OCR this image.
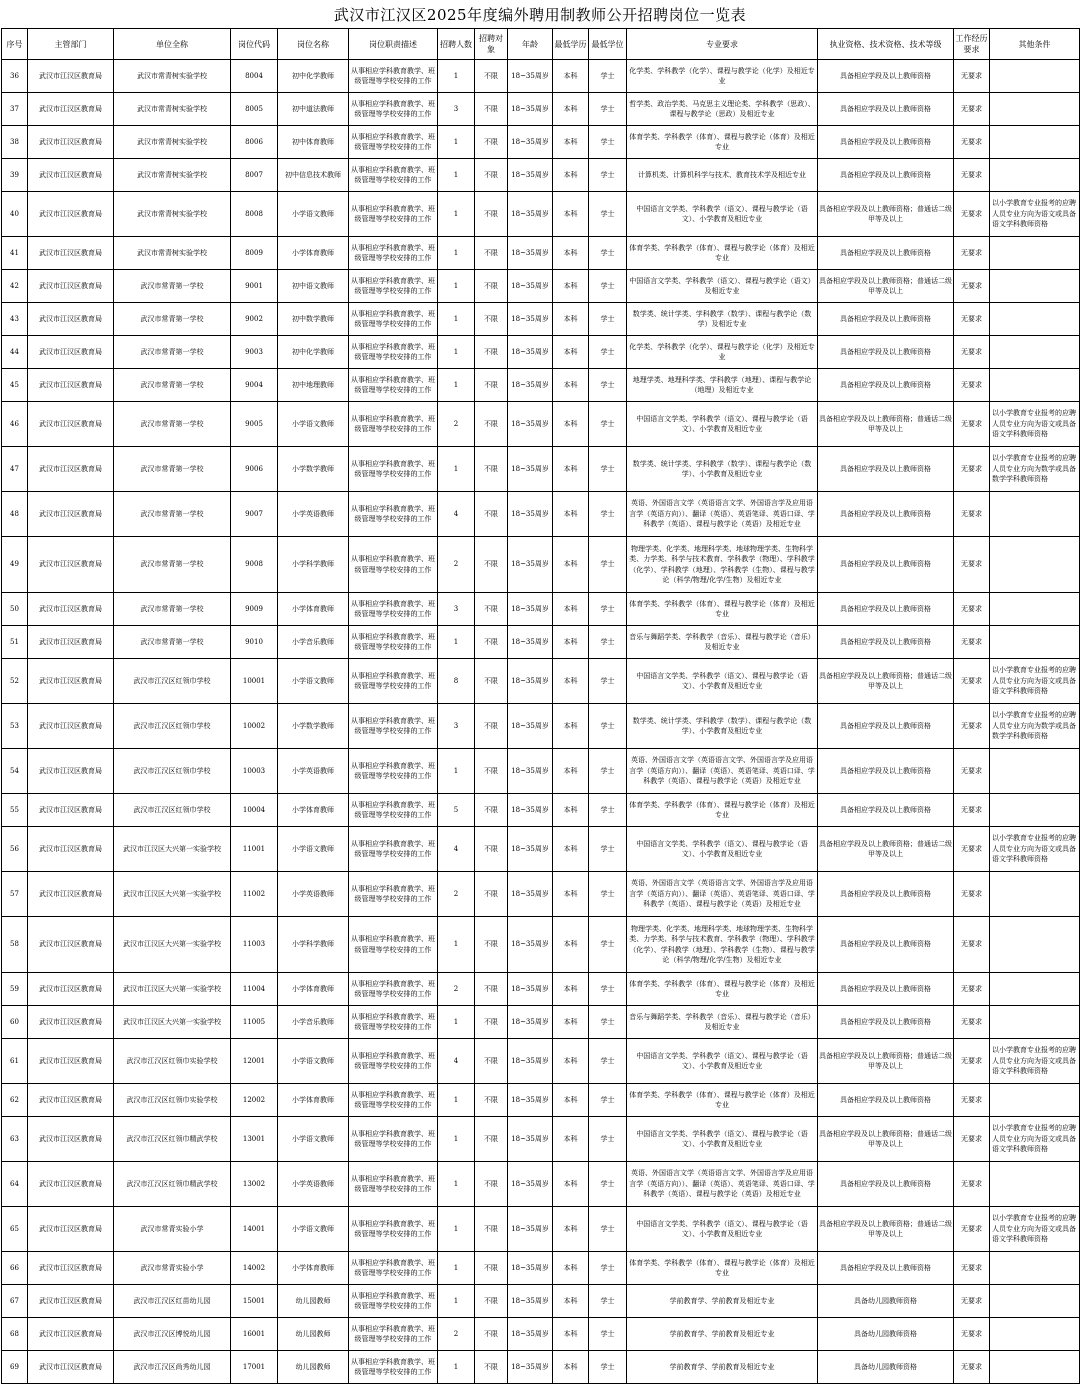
武汉市江汉区2025年度编外聘用制教师公开招聘岗位一览表
序号	主管部门	单位全称	岗位代码	岗位名称	岗位职责描述	招聘人数	招聘对象	年龄	最低学历	最低学位	专业要求	执业资格、技术资格、技术等级	工作经历要求	其他条件
36	武汉市江汉区教育局	武汉市常青树实验学校	8004	初中化学教师	从事相应学科教育教学、班级管理等学校安排的工作	1	不限	18~35周岁	本科	学士	化学类、学科教学（化学）、课程与教学论（化学）及相近专业	具备相应学段及以上教师资格	无要求	
37	武汉市江汉区教育局	武汉市常青树实验学校	8005	初中道法教师	从事相应学科教育教学、班级管理等学校安排的工作	3	不限	18~35周岁	本科	学士	哲学类、政治学类、马克思主义理论类、学科教学（思政）、课程与教学论（思政）及相近专业	具备相应学段及以上教师资格	无要求	
38	武汉市江汉区教育局	武汉市常青树实验学校	8006	初中体育教师	从事相应学科教育教学、班级管理等学校安排的工作	1	不限	18~35周岁	本科	学士	体育学类、学科教学（体育）、课程与教学论（体育）及相近专业	具备相应学段及以上教师资格	无要求	
39	武汉市江汉区教育局	武汉市常青树实验学校	8007	初中信息技术教师	从事相应学科教育教学、班级管理等学校安排的工作	1	不限	18~35周岁	本科	学士	计算机类、计算机科学与技术、教育技术学及相近专业	具备相应学段及以上教师资格	无要求	
40	武汉市江汉区教育局	武汉市常青树实验学校	8008	小学语文教师	从事相应学科教育教学、班级管理等学校安排的工作	1	不限	18~35周岁	本科	学士	中国语言文学类、学科教学（语文）、课程与教学论（语文）、小学教育及相近专业	具备相应学段及以上教师资格；普通话二级甲等及以上	无要求	以小学教育专业报考的应聘人员专业方向为语文或具备语文学科教师资格
41	武汉市江汉区教育局	武汉市常青树实验学校	8009	小学体育教师	从事相应学科教育教学、班级管理等学校安排的工作	1	不限	18~35周岁	本科	学士	体育学类、学科教学（体育）、课程与教学论（体育）及相近专业	具备相应学段及以上教师资格	无要求	
42	武汉市江汉区教育局	武汉市常青第一学校	9001	初中语文教师	从事相应学科教育教学、班级管理等学校安排的工作	1	不限	18~35周岁	本科	学士	中国语言文学类、学科教学（语文）、课程与教学论（语文）及相近专业	具备相应学段及以上教师资格；普通话二级甲等及以上	无要求	
43	武汉市江汉区教育局	武汉市常青第一学校	9002	初中数学教师	从事相应学科教育教学、班级管理等学校安排的工作	1	不限	18~35周岁	本科	学士	数学类、统计学类、学科教学（数学）、课程与教学论（数学）及相近专业	具备相应学段及以上教师资格	无要求	
44	武汉市江汉区教育局	武汉市常青第一学校	9003	初中化学教师	从事相应学科教育教学、班级管理等学校安排的工作	1	不限	18~35周岁	本科	学士	化学类、学科教学（化学）、课程与教学论（化学）及相近专业	具备相应学段及以上教师资格	无要求	
45	武汉市江汉区教育局	武汉市常青第一学校	9004	初中地理教师	从事相应学科教育教学、班级管理等学校安排的工作	1	不限	18~35周岁	本科	学士	地理学类、地理科学类、学科教学（地理）、课程与教学论（地理）及相近专业	具备相应学段及以上教师资格	无要求	
46	武汉市江汉区教育局	武汉市常青第一学校	9005	小学语文教师	从事相应学科教育教学、班级管理等学校安排的工作	2	不限	18~35周岁	本科	学士	中国语言文学类、学科教学（语文）、课程与教学论（语文）、小学教育及相近专业	具备相应学段及以上教师资格；普通话二级甲等及以上	无要求	以小学教育专业报考的应聘人员专业方向为语文或具备语文学科教师资格
47	武汉市江汉区教育局	武汉市常青第一学校	9006	小学数学教师	从事相应学科教育教学、班级管理等学校安排的工作	1	不限	18~35周岁	本科	学士	数学类、统计学类、学科教学（数学）、课程与教学论（数学）、小学教育及相近专业	具备相应学段及以上教师资格	无要求	以小学教育专业报考的应聘人员专业方向为数学或具备数学学科教师资格
48	武汉市江汉区教育局	武汉市常青第一学校	9007	小学英语教师	从事相应学科教育教学、班级管理等学校安排的工作	4	不限	18~35周岁	本科	学士	英语、外国语言文学（英语语言文学、外国语言学及应用语言学（英语方向））、翻译（英语）、英语笔译、英语口译、学科教学（英语）、课程与教学论（英语）及相近专业	具备相应学段及以上教师资格	无要求	
49	武汉市江汉区教育局	武汉市常青第一学校	9008	小学科学教师	从事相应学科教育教学、班级管理等学校安排的工作	2	不限	18~35周岁	本科	学士	物理学类、化学类、地理科学类、地球物理学类、生物科学类、力学类、科学与技术教育、学科教学（物理）、学科教学（化学）、学科教学（地理）、学科教学（生物）、课程与教学论（科学/物理/化学/生物）及相近专业	具备相应学段及以上教师资格	无要求	
50	武汉市江汉区教育局	武汉市常青第一学校	9009	小学体育教师	从事相应学科教育教学、班级管理等学校安排的工作	3	不限	18~35周岁	本科	学士	体育学类、学科教学（体育）、课程与教学论（体育）及相近专业	具备相应学段及以上教师资格	无要求	
51	武汉市江汉区教育局	武汉市常青第一学校	9010	小学音乐教师	从事相应学科教育教学、班级管理等学校安排的工作	1	不限	18~35周岁	本科	学士	音乐与舞蹈学类、学科教学（音乐）、课程与教学论（音乐）及相近专业	具备相应学段及以上教师资格	无要求	
52	武汉市江汉区教育局	武汉市江汉区红领巾学校	10001	小学语文教师	从事相应学科教育教学、班级管理等学校安排的工作	8	不限	18~35周岁	本科	学士	中国语言文学类、学科教学（语文）、课程与教学论（语文）、小学教育及相近专业	具备相应学段及以上教师资格；普通话二级甲等及以上	无要求	以小学教育专业报考的应聘人员专业方向为语文或具备语文学科教师资格
53	武汉市江汉区教育局	武汉市江汉区红领巾学校	10002	小学数学教师	从事相应学科教育教学、班级管理等学校安排的工作	3	不限	18~35周岁	本科	学士	数学类、统计学类、学科教学（数学）、课程与教学论（数学）、小学教育及相近专业	具备相应学段及以上教师资格	无要求	以小学教育专业报考的应聘人员专业方向为数学或具备数学学科教师资格
54	武汉市江汉区教育局	武汉市江汉区红领巾学校	10003	小学英语教师	从事相应学科教育教学、班级管理等学校安排的工作	1	不限	18~35周岁	本科	学士	英语、外国语言文学（英语语言文学、外国语言学及应用语言学（英语方向））、翻译（英语）、英语笔译、英语口译、学科教学（英语）、课程与教学论（英语）及相近专业	具备相应学段及以上教师资格	无要求	
55	武汉市江汉区教育局	武汉市江汉区红领巾学校	10004	小学体育教师	从事相应学科教育教学、班级管理等学校安排的工作	5	不限	18~35周岁	本科	学士	体育学类、学科教学（体育）、课程与教学论（体育）及相近专业	具备相应学段及以上教师资格	无要求	
56	武汉市江汉区教育局	武汉市江汉区大兴第一实验学校	11001	小学语文教师	从事相应学科教育教学、班级管理等学校安排的工作	4	不限	18~35周岁	本科	学士	中国语言文学类、学科教学（语文）、课程与教学论（语文）、小学教育及相近专业	具备相应学段及以上教师资格；普通话二级甲等及以上	无要求	以小学教育专业报考的应聘人员专业方向为语文或具备语文学科教师资格
57	武汉市江汉区教育局	武汉市江汉区大兴第一实验学校	11002	小学英语教师	从事相应学科教育教学、班级管理等学校安排的工作	2	不限	18~35周岁	本科	学士	英语、外国语言文学（英语语言文学、外国语言学及应用语言学（英语方向））、翻译（英语）、英语笔译、英语口译、学科教学（英语）、课程与教学论（英语）及相近专业	具备相应学段及以上教师资格	无要求	
58	武汉市江汉区教育局	武汉市江汉区大兴第一实验学校	11003	小学科学教师	从事相应学科教育教学、班级管理等学校安排的工作	1	不限	18~35周岁	本科	学士	物理学类、化学类、地理科学类、地球物理学类、生物科学类、力学类、科学与技术教育、学科教学（物理）、学科教学（化学）、学科教学（地理）、学科教学（生物）、课程与教学论（科学/物理/化学/生物）及相近专业	具备相应学段及以上教师资格	无要求	
59	武汉市江汉区教育局	武汉市江汉区大兴第一实验学校	11004	小学体育教师	从事相应学科教育教学、班级管理等学校安排的工作	2	不限	18~35周岁	本科	学士	体育学类、学科教学（体育）、课程与教学论（体育）及相近专业	具备相应学段及以上教师资格	无要求	
60	武汉市江汉区教育局	武汉市江汉区大兴第一实验学校	11005	小学音乐教师	从事相应学科教育教学、班级管理等学校安排的工作	1	不限	18~35周岁	本科	学士	音乐与舞蹈学类、学科教学（音乐）、课程与教学论（音乐）及相近专业	具备相应学段及以上教师资格	无要求	
61	武汉市江汉区教育局	武汉市江汉区红领巾实验学校	12001	小学语文教师	从事相应学科教育教学、班级管理等学校安排的工作	4	不限	18~35周岁	本科	学士	中国语言文学类、学科教学（语文）、课程与教学论（语文）、小学教育及相近专业	具备相应学段及以上教师资格；普通话二级甲等及以上	无要求	以小学教育专业报考的应聘人员专业方向为语文或具备语文学科教师资格
62	武汉市江汉区教育局	武汉市江汉区红领巾实验学校	12002	小学体育教师	从事相应学科教育教学、班级管理等学校安排的工作	1	不限	18~35周岁	本科	学士	体育学类、学科教学（体育）、课程与教学论（体育）及相近专业	具备相应学段及以上教师资格	无要求	
63	武汉市江汉区教育局	武汉市江汉区红领巾精武学校	13001	小学语文教师	从事相应学科教育教学、班级管理等学校安排的工作	1	不限	18~35周岁	本科	学士	中国语言文学类、学科教学（语文）、课程与教学论（语文）、小学教育及相近专业	具备相应学段及以上教师资格；普通话二级甲等及以上	无要求	以小学教育专业报考的应聘人员专业方向为语文或具备语文学科教师资格
64	武汉市江汉区教育局	武汉市江汉区红领巾精武学校	13002	小学英语教师	从事相应学科教育教学、班级管理等学校安排的工作	1	不限	18~35周岁	本科	学士	英语、外国语言文学（英语语言文学、外国语言学及应用语言学（英语方向））、翻译（英语）、英语笔译、英语口译、学科教学（英语）、课程与教学论（英语）及相近专业	具备相应学段及以上教师资格	无要求	
65	武汉市江汉区教育局	武汉市常青实验小学	14001	小学语文教师	从事相应学科教育教学、班级管理等学校安排的工作	1	不限	18~35周岁	本科	学士	中国语言文学类、学科教学（语文）、课程与教学论（语文）、小学教育及相近专业	具备相应学段及以上教师资格；普通话二级甲等及以上	无要求	以小学教育专业报考的应聘人员专业方向为语文或具备语文学科教师资格
66	武汉市江汉区教育局	武汉市常青实验小学	14002	小学体育教师	从事相应学科教育教学、班级管理等学校安排的工作	1	不限	18~35周岁	本科	学士	体育学类、学科教学（体育）、课程与教学论（体育）及相近专业	具备相应学段及以上教师资格	无要求	
67	武汉市江汉区教育局	武汉市江汉区红苗幼儿园	15001	幼儿园教师	从事相应学科教育教学、班级管理等学校安排的工作	1	不限	18~35周岁	本科	学士	学前教育学、学前教育及相近专业	具备幼儿园教师资格	无要求	
68	武汉市江汉区教育局	武汉市江汉区博悦幼儿园	16001	幼儿园教师	从事相应学科教育教学、班级管理等学校安排的工作	2	不限	18~35周岁	本科	学士	学前教育学、学前教育及相近专业	具备幼儿园教师资格	无要求	
69	武汉市江汉区教育局	武汉市江汉区尚秀幼儿园	17001	幼儿园教师	从事相应学科教育教学、班级管理等学校安排的工作	1	不限	18~35周岁	本科	学士	学前教育学、学前教育及相近专业	具备幼儿园教师资格	无要求	
